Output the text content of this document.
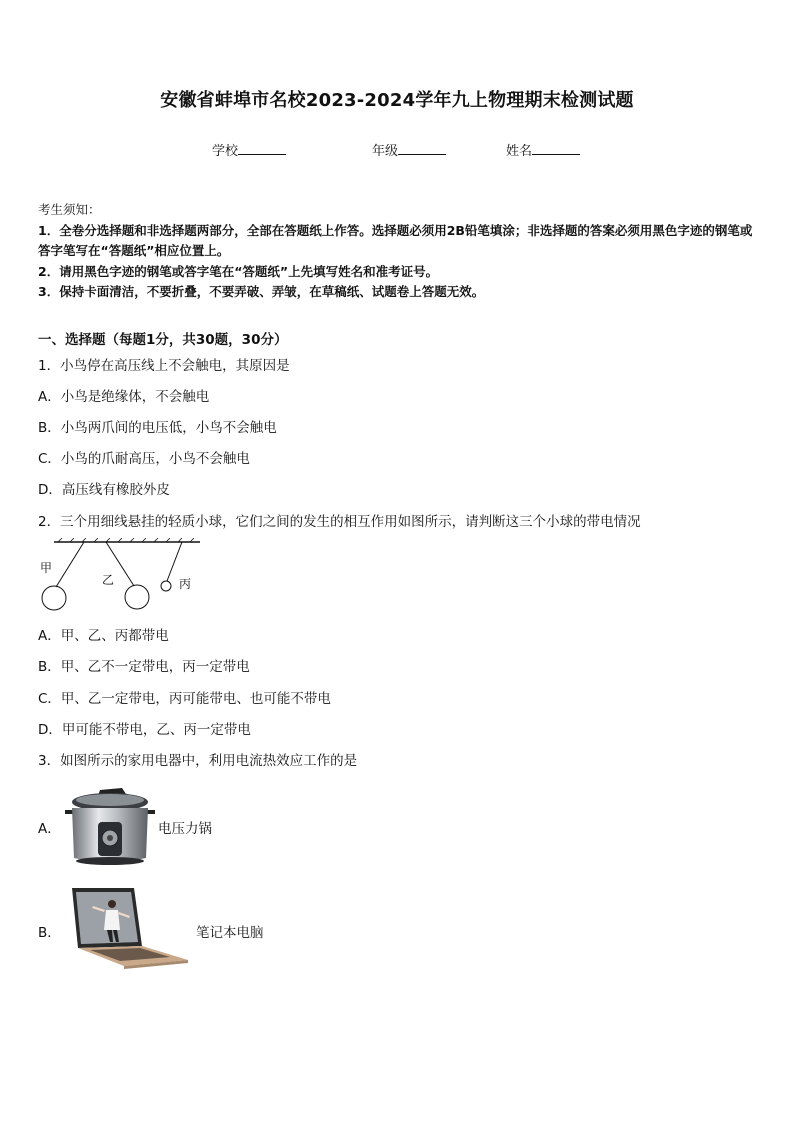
安徽省蚌埠市名校2023-2024学年九上物理期末检测试题
学校	年级	姓名
考生须知：
1．全卷分选择题和非选择题两部分，全部在答题纸上作答。选择题必须用2B铅笔填涂；非选择题的答案必须用黑色字迹的钢笔或答字笔写在“答题纸”相应位置上。
2．请用黑色字迹的钢笔或答字笔在“答题纸”上先填写姓名和准考证号。
3．保持卡面清洁，不要折叠，不要弄破、弄皱，在草稿纸、试题卷上答题无效。
一、选择题（每题1分，共30题，30分）
1．小鸟停在高压线上不会触电，其原因是
A．小鸟是绝缘体，不会触电
B．小鸟两爪间的电压低，小鸟不会触电
C．小鸟的爪耐高压，小鸟不会触电
D．高压线有橡胶外皮
2．三个用细线悬挂的轻质小球，它们之间的发生的相互作用如图所示，请判断这三个小球的带电情况
甲
乙	丙
A．甲、乙、丙都带电
B．甲、乙不一定带电，丙一定带电
C．甲、乙一定带电，丙可能带电、也可能不带电
D．甲可能不带电，乙、丙一定带电
3．如图所示的家用电器中，利用电流热效应工作的是
A．	电压力锅
B．	笔记本电脑
